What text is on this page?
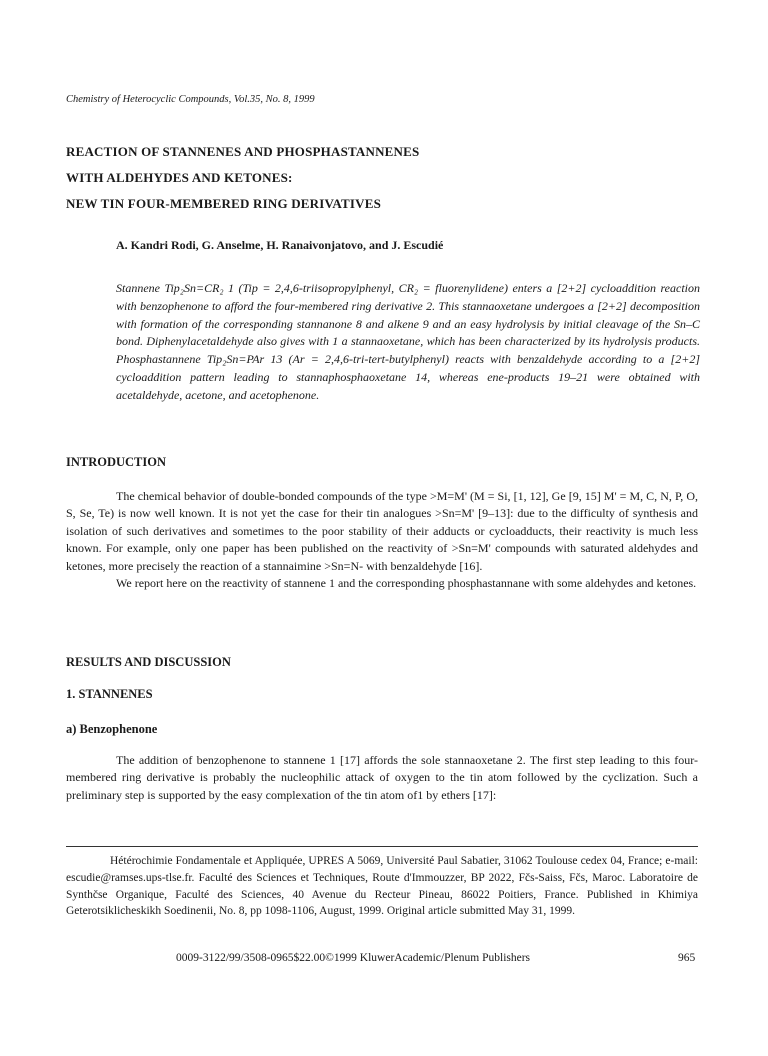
Chemistry of Heterocyclic Compounds, Vol.35, No. 8, 1999
REACTION OF STANNENES AND PHOSPHASTANNENES
WITH ALDEHYDES AND KETONES:
NEW TIN FOUR-MEMBERED RING DERIVATIVES
A. Kandri Rodi, G. Anselme, H. Ranaivonjatovo, and J. Escudié
Stannene Tip₂Sn=CR₂ 1 (Tip = 2,4,6-triisopropylphenyl, CR₂ = fluorenylidene) enters a [2+2] cycloaddition reaction with benzophenone to afford the four-membered ring derivative 2. This stannaoxetane undergoes a [2+2] decomposition with formation of the corresponding stannanone 8 and alkene 9 and an easy hydrolysis by initial cleavage of the Sn–C bond. Diphenylacetaldehyde also gives with 1 a stannaoxetane, which has been characterized by its hydrolysis products. Phosphastannene Tip₂Sn=PAr 13 (Ar = 2,4,6-tri-tert-butylphenyl) reacts with benzaldehyde according to a [2+2] cycloaddition pattern leading to stannaphosphaoxetane 14, whereas ene-products 19–21 were obtained with acetaldehyde, acetone, and acetophenone.
INTRODUCTION

The chemical behavior of double-bonded compounds of the type >M=M' (M = Si, [1, 12], Ge [9, 15] M' = M, C, N, P, O, S, Se, Te) is now well known. It is not yet the case for their tin analogues >Sn=M' [9–13]: due to the difficulty of synthesis and isolation of such derivatives and sometimes to the poor stability of their adducts or cycloadducts, their reactivity is much less known. For example, only one paper has been published on the reactivity of >Sn=M' compounds with saturated aldehydes and ketones, more precisely the reaction of a stannaimine >Sn=N- with benzaldehyde [16].

We report here on the reactivity of stannene 1 and the corresponding phosphastannane with some aldehydes and ketones.

RESULTS AND DISCUSSION
1. STANNENES
a) Benzophenone

The addition of benzophenone to stannene 1 [17] affords the sole stannaoxetane 2. The first step leading to this four-membered ring derivative is probably the nucleophilic attack of oxygen to the tin atom followed by the cyclization. Such a preliminary step is supported by the easy complexation of the tin atom of1 by ethers [17]:

Hétérochimie Fondamentale et Appliquée, UPRES A 5069, Université Paul Sabatier, 31062 Toulouse cedex 04, France; e-mail: escudie@ramses.ups-tlse.fr. Faculté des Sciences et Techniques, Route d'Immouzzer, BP 2022, Fčs-Saiss, Fčs, Maroc. Laboratoire de Synthčse Organique, Faculté des Sciences, 40 Avenue du Recteur Pineau, 86022 Poitiers, France. Published in Khimiya Geterotsiklicheskikh Soedinenii, No. 8, pp 1098-1106, August, 1999. Original article submitted May 31, 1999.

0009-3122/99/3508-0965$22.00©1999 KluwerAcademic/Plenum Publishers	965
